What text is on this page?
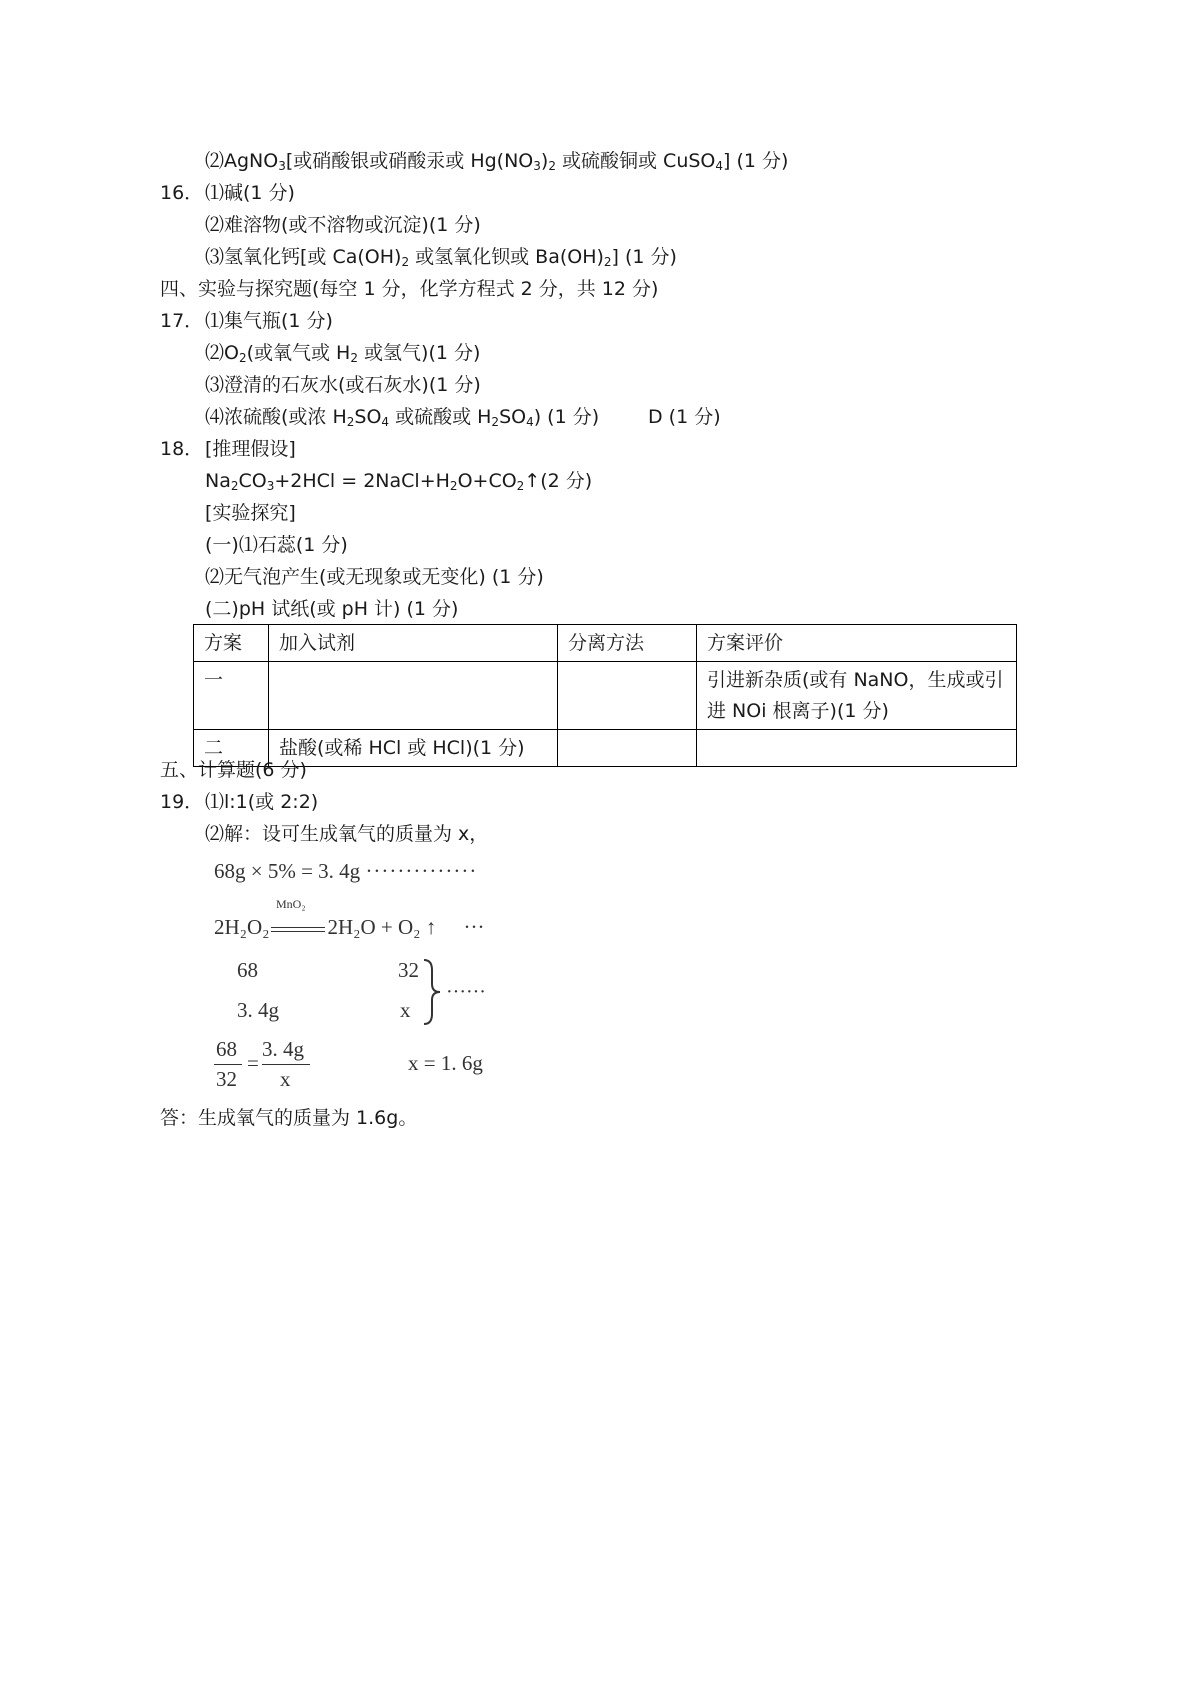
⑵AgNO$_3$[或硝酸银或硝酸汞或 $Hg(NO_3)_2$ 或硫酸铜或 CuSO$_4$] (1 分)
16． ⑴碱(1 分)
⑵难溶物(或不溶物或沉淀)(1 分)
⑶氢氧化钙[或 $Ca(OH)_2$ 或氢氧化钡或 $Ba(OH)_2$] (1 分)
四、实验与探究题(每空 1 分，化学方程式 2 分，共 12 分)
17． ⑴集气瓶(1 分)
$⑵O_2$(或氧气或 $H_2$ 或氢气)(1 分)
⑶澄清的石灰水(或石灰水)(1 分)
⑷浓硫酸(或浓 $H_2SO_4$ 或硫酸或 $H_2SO_4$) (1 分)	D (1 分)
18． [推理假设]
$Na_2CO_3+2HCl$ = $2NaCl+H_2O+CO_2↑(2$ 分)
[实验探究]
(一)⑴石蕊(1 分)
⑵无气泡产生(或无现象或无变化) (1 分)
(二)pH 试纸(或 pH 计) (1 分)
方案	加入试剂	分离方法	方案评价
一			引进新杂质(或有 NaNO，生成或引进 NOi 根离子)(1 分)
二	盐酸(或稀 HCl 或 HCl)(1 分)		
五、计算题(6 分)
19． ⑴l:1(或 2:2)
⑵解：设可生成氧气的质量为 x，
68g × 5% = 3. 4g ··············
MnO₂
2H₂O₂	2H₂O + O₂ ↑ ···
68	32
3. 4g	x
······
68
32
=
3. 4g
x
x = 1. 6g
答：生成氧气的质量为 1.6g。
